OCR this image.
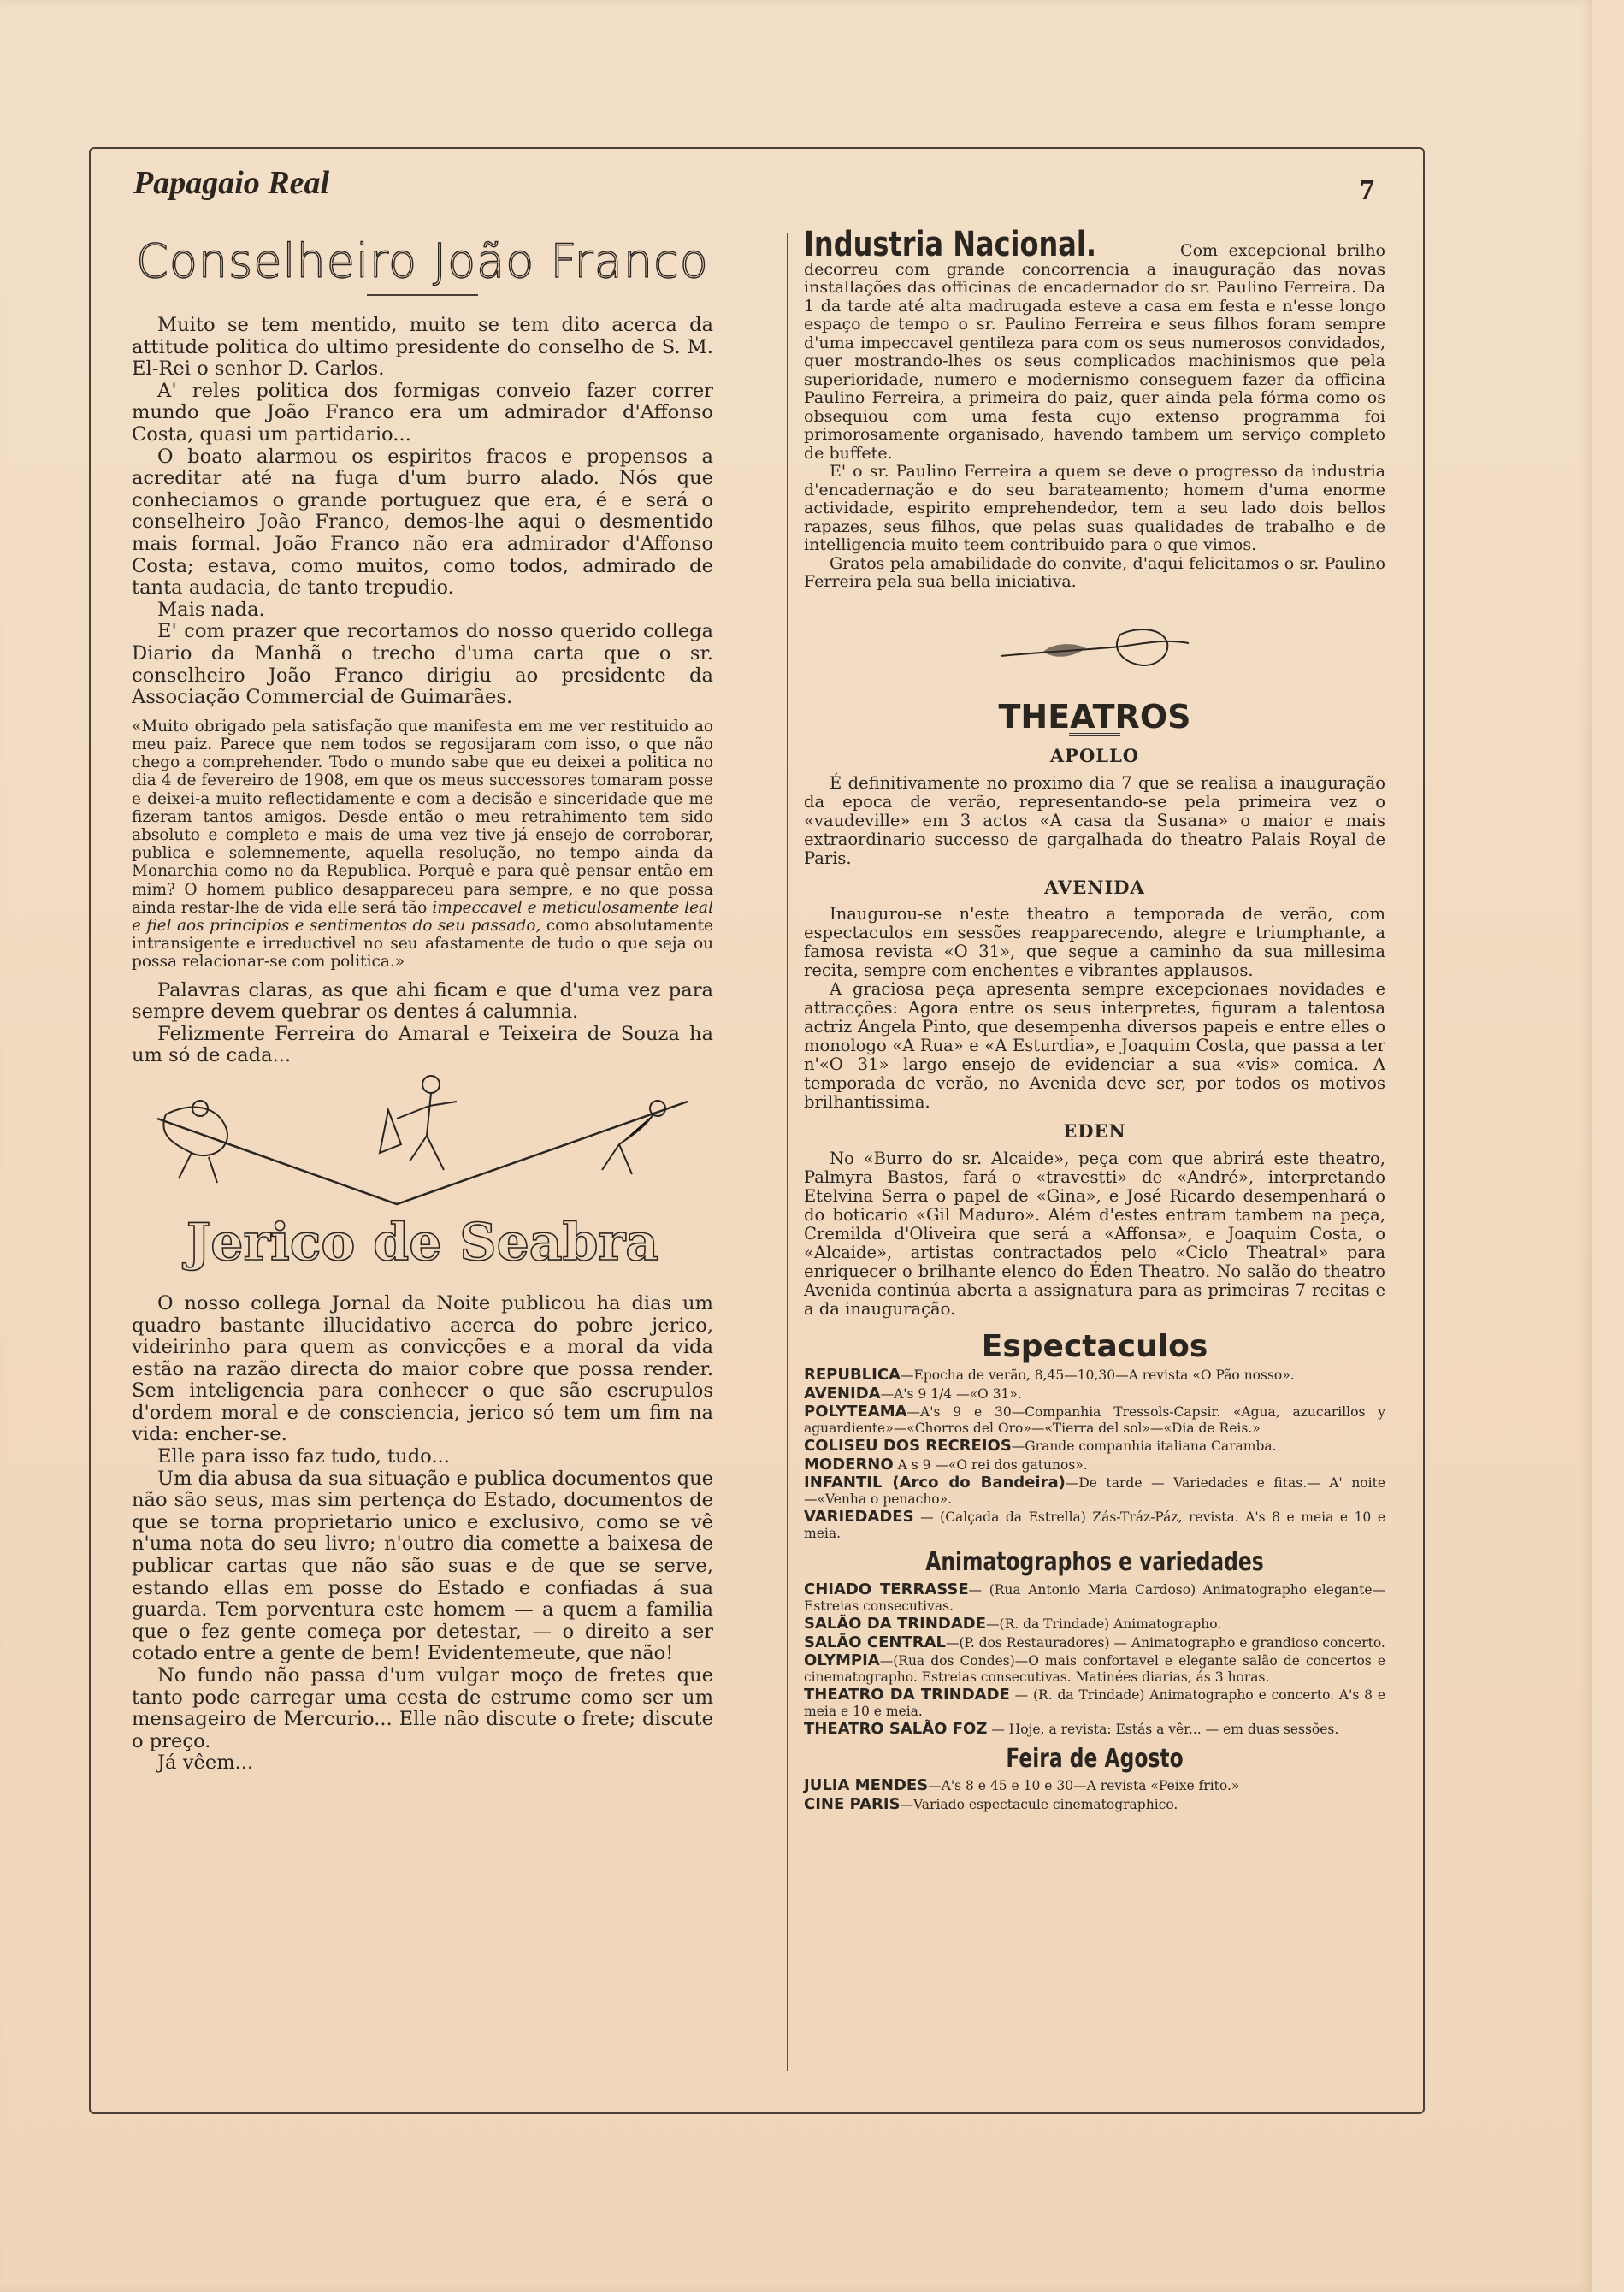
Papagaio Real	7
Conselheiro João Franco

Muito se tem mentido, muito se tem dito acerca da attitude politica do ultimo presidente do conselho de S. M. El-Rei o senhor D. Carlos.

A' reles politica dos formigas conveio fazer correr mundo que João Franco era um admirador d'Affonso Costa, quasi um partidario...

O boato alarmou os espiritos fracos e propensos a acreditar até na fuga d'um burro alado. Nós que conheciamos o grande portuguez que era, é e será o conselheiro João Franco, demos-lhe aqui o desmentido mais formal. João Franco não era admirador d'Affonso Costa; estava, como muitos, como todos, admirado de tanta audacia, de tanto trepudio.

Mais nada.

E' com prazer que recortamos do nosso querido collega Diario da Manhã o trecho d'uma carta que o sr. conselheiro João Franco dirigiu ao presidente da Associação Commercial de Guimarães.

«Muito obrigado pela satisfação que manifesta em me ver restituido ao meu paiz. Parece que nem todos se regosijaram com isso, o que não chego a comprehender. Todo o mundo sabe que eu deixei a politica no dia 4 de fevereiro de 1908, em que os meus successores tomaram posse e deixei-a muito reflectidamente e com a decisão e sinceridade que me fizeram tantos amigos. Desde então o meu retrahimento tem sido absoluto e completo e mais de uma vez tive já ensejo de corroborar, publica e solemnemente, aquella resolução, no tempo ainda da Monarchia como no da Republica. Porquê e para quê pensar então em mim? O homem publico desappareceu para sempre, e no que possa ainda restar-lhe de vida elle será tão impeccavel e meticulosamente leal e fiel aos principios e sentimentos do seu passado, como absolutamente intransigente e irreductivel no seu afastamente de tudo o que seja ou possa relacionar-se com politica.»

Palavras claras, as que ahi ficam e que d'uma vez para sempre devem quebrar os dentes á calumnia.

Felizmente Ferreira do Amaral e Teixeira de Souza ha um só de cada...

Jerico de Seabra

O nosso collega Jornal da Noite publicou ha dias um quadro bastante illucidativo acerca do pobre jerico, videirinho para quem as convicções e a moral da vida estão na razão directa do maior cobre que possa render. Sem inteligencia para conhecer o que são escrupulos d'ordem moral e de consciencia, jerico só tem um fim na vida: encher-se.

Elle para isso faz tudo, tudo...

Um dia abusa da sua situação e publica documentos que não são seus, mas sim pertença do Estado, documentos de que se torna proprietario unico e exclusivo, como se vê n'uma nota do seu livro; n'outro dia comette a baixesa de publicar cartas que não são suas e de que se serve, estando ellas em posse do Estado e confiadas á sua guarda. Tem porventura este homem — a quem a familia que o fez gente começa por detestar, — o direito a ser cotado entre a gente de bem! Evidentemeute, que não!

No fundo não passa d'um vulgar moço de fretes que tanto pode carregar uma cesta de estrume como ser um mensageiro de Mercurio... Elle não discute o frete; discute o preço.

Já vêem...

Industria Nacional.	Com excepcional brilho decorreu com grande concorrencia a inauguração das novas installações das officinas de encadernador do sr. Paulino Ferreira. Da 1 da tarde até alta madrugada esteve a casa em festa e n'esse longo espaço de tempo o sr. Paulino Ferreira e seus filhos foram sempre d'uma impeccavel gentileza para com os seus numerosos convidados, quer mostrando-lhes os seus complicados machinismos que pela superioridade, numero e modernismo conseguem fazer da officina Paulino Ferreira, a primeira do paiz, quer ainda pela fórma como os obsequiou com uma festa cujo extenso programma foi primorosamente organisado, havendo tambem um serviço completo de buffete.

E' o sr. Paulino Ferreira a quem se deve o progresso da industria d'encadernação e do seu barateamento; homem d'uma enorme actividade, espirito emprehendedor, tem a seu lado dois bellos rapazes, seus filhos, que pelas suas qualidades de trabalho e de intelligencia muito teem contribuido para o que vimos.

Gratos pela amabilidade do convite, d'aqui felicitamos o sr. Paulino Ferreira pela sua bella iniciativa.

THEATROS
APOLLO

É definitivamente no proximo dia 7 que se realisa a inauguração da epoca de verão, representando-se pela primeira vez o «vaudeville» em 3 actos «A casa da Susana» o maior e mais extraordinario successo de gargalhada do theatro Palais Royal de Paris.

AVENIDA

Inaugurou-se n'este theatro a temporada de verão, com espectaculos em sessões reapparecendo, alegre e triumphante, a famosa revista «O 31», que segue a caminho da sua millesima recita, sempre com enchentes e vibrantes applausos.

A graciosa peça apresenta sempre excepcionaes novidades e attracções: Agora entre os seus interpretes, figuram a talentosa actriz Angela Pinto, que desempenha diversos papeis e entre elles o monologo «A Rua» e «A Esturdia», e Joaquim Costa, que passa a ter n'«O 31» largo ensejo de evidenciar a sua «vis» comica. A temporada de verão, no Avenida deve ser, por todos os motivos brilhantissima.

EDEN

No «Burro do sr. Alcaide», peça com que abrirá este theatro, Palmyra Bastos, fará o «travestti» de «André», interpretando Etelvina Serra o papel de «Gina», e José Ricardo desempenhará o do boticario «Gil Maduro». Além d'estes entram tambem na peça, Cremilda d'Oliveira que será a «Affonsa», e Joaquim Costa, o «Alcaide», artistas contractados pelo «Ciclo Theatral» para enriquecer o brilhante elenco do Éden Theatro. No salão do theatro Avenida continúa aberta a assignatura para as primeiras 7 recitas e a da inauguração.

Espectaculos
REPUBLICA—Epocha de verão, 8,45—10,30—A revista «O Pão nosso».
AVENIDA—A's 9 1/4 —«O 31».
POLYTEAMA—A's 9 e 30—Companhia Tressols-Capsir. «Agua, azucarillos y aguardiente»—«Chorros del Oro»—«Tierra del sol»—«Dia de Reis.»
COLISEU DOS RECREIOS—Grande companhia italiana Caramba.
MODERNO A s 9 —«O rei dos gatunos».
INFANTIL (Arco do Bandeira)—De tarde — Variedades e fitas.— A' noite —«Venha o penacho».
VARIEDADES — (Calçada da Estrella) Zás-Tráz-Páz, revista. A's 8 e meia e 10 e meia.
Animatographos e variedades
CHIADO TERRASSE— (Rua Antonio Maria Cardoso) Animatographo elegante—Estreias consecutivas.
SALÃO DA TRINDADE—(R. da Trindade) Animatographo.
SALÃO CENTRAL—(P. dos Restauradores) — Animatographo e grandioso concerto.
OLYMPIA—(Rua dos Condes)—O mais confortavel e elegante salão de concertos e cinematographo. Estreias consecutivas. Matinées diarias, ás 3 horas.
THEATRO DA TRINDADE — (R. da Trindade) Animatographo e concerto. A's 8 e meia e 10 e meia.
THEATRO SALÃO FOZ — Hoje, a revista: Estás a vêr... — em duas sessões.
Feira de Agosto
JULIA MENDES—A's 8 e 45 e 10 e 30—A revista «Peixe frito.»
CINE PARIS—Variado espectacule cinematographico.
